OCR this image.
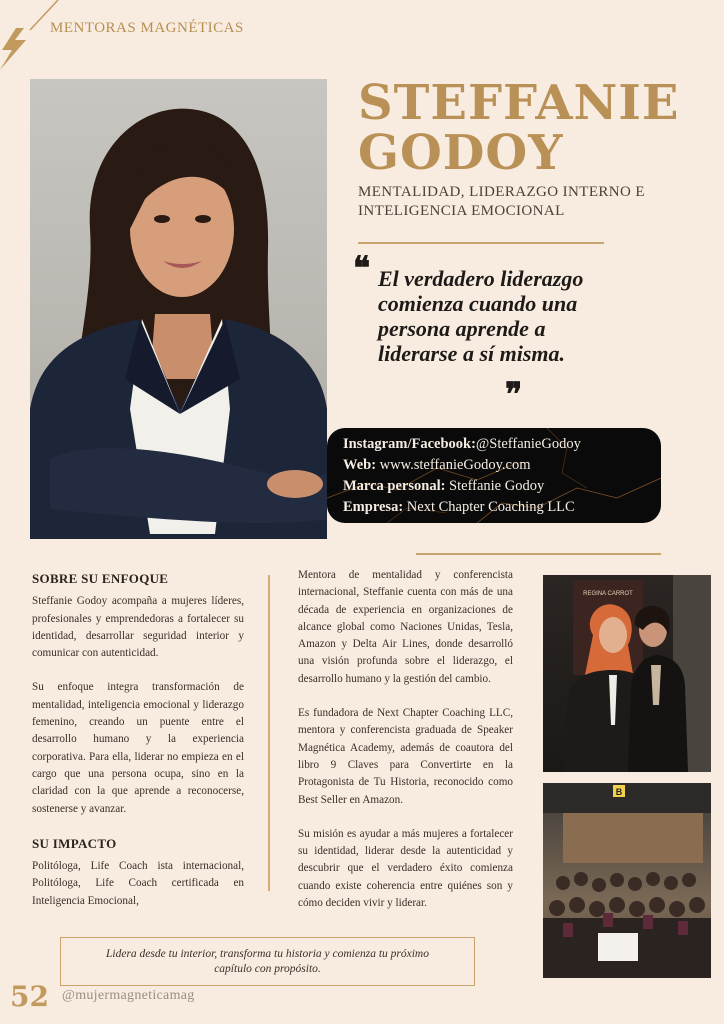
MENTORAS MAGNÉTICAS
STEFFANIE
GODOY
MENTALIDAD, LIDERAZGO INTERNO E
INTELIGENCIA EMOCIONAL
❝ El verdadero liderazgo comienza cuando una persona aprende a liderarse a sí misma.
❞
Instagram/Facebook:@SteffanieGodoy
Web: www.steffanieGodoy.com
Marca personal: Steffanie Godoy
Empresa: Next Chapter Coaching LLC
SOBRE SU ENFOQUE

Steffanie Godoy acompaña a mujeres líderes, profesionales y emprendedoras a fortalecer su identidad, desarrollar seguridad interior y comunicar con autenticidad.

Su enfoque integra transformación de mentalidad, inteligencia emocional y liderazgo femenino, creando un puente entre el desarrollo humano y la experiencia corporativa. Para ella, liderar no empieza en el cargo que una persona ocupa, sino en la claridad con la que aprende a reconocerse, sostenerse y avanzar.

SU IMPACTO

Politóloga, Life Coach ista internacional, Politóloga, Life Coach certificada en Inteligencia Emocional,

Mentora de mentalidad y conferencista internacional, Steffanie cuenta con más de una década de experiencia en organizaciones de alcance global como Naciones Unidas, Tesla, Amazon y Delta Air Lines, donde desarrolló una visión profunda sobre el liderazgo, el desarrollo humano y la gestión del cambio.

Es fundadora de Next Chapter Coaching LLC, mentora y conferencista graduada de Speaker Magnética Academy, además de coautora del libro 9 Claves para Convertirte en la Protagonista de Tu Historia, reconocido como Best Seller en Amazon.

Su misión es ayudar a más mujeres a fortalecer su identidad, liderar desde la autenticidad y descubrir que el verdadero éxito comienza cuando existe coherencia entre quiénes son y cómo deciden vivir y liderar.

REGINA CARROT
B
Lidera desde tu interior, transforma tu historia y comienza tu próximo capítulo con propósito.
52 @mujermagneticamag
